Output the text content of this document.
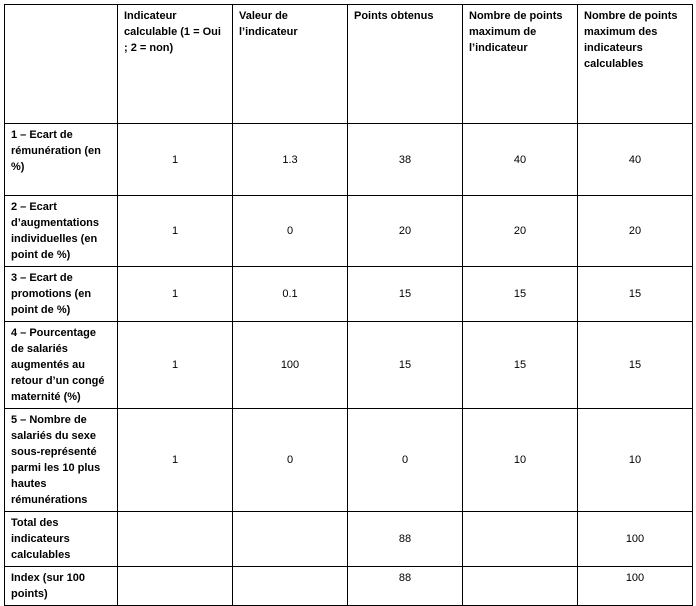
	Indicateur calculable (1 = Oui ; 2 = non)	Valeur de l’indicateur	Points obtenus	Nombre de points maximum de l’indicateur	Nombre de points maximum des indicateurs calculables
1 – Ecart de rémunération (en %)	1	1.3	38	40	40
2 – Ecart d’augmentations individuelles (en point de %)	1	0	20	20	20
3 – Ecart de promotions (en point de %)	1	0.1	15	15	15
4 – Pourcentage de salariés augmentés au retour d’un congé maternité (%)	1	100	15	15	15
5 – Nombre de salariés du sexe sous-représenté parmi les 10 plus hautes rémunérations	1	0	0	10	10
Total des indicateurs calculables			88		100
Index (sur 100 points)			88		100
